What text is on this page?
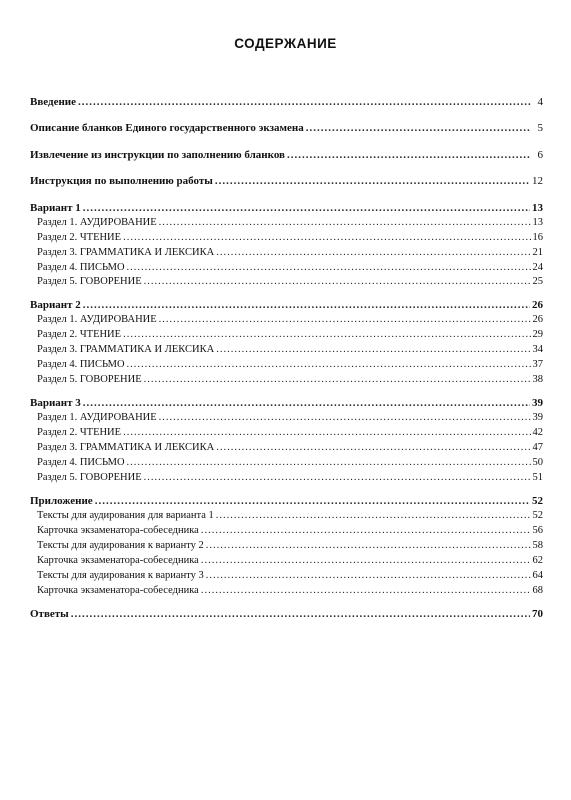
СОДЕРЖАНИЕ
Введение .....	4
Описание бланков Единого государственного экзамена .....	5
Извлечение из инструкции по заполнению бланков .....	6
Инструкция по выполнению работы .....	12
Вариант 1 .....	13
Раздел 1. АУДИРОВАНИЕ .....	13
Раздел 2. ЧТЕНИЕ .....	16
Раздел 3. ГРАММАТИКА И ЛЕКСИКА .....	21
Раздел 4. ПИСЬМО .....	24
Раздел 5. ГОВОРЕНИЕ .....	25
Вариант 2 .....	26
Раздел 1. АУДИРОВАНИЕ .....	26
Раздел 2. ЧТЕНИЕ .....	29
Раздел 3. ГРАММАТИКА И ЛЕКСИКА .....	34
Раздел 4. ПИСЬМО .....	37
Раздел 5. ГОВОРЕНИЕ .....	38
Вариант 3 .....	39
Раздел 1. АУДИРОВАНИЕ .....	39
Раздел 2. ЧТЕНИЕ .....	42
Раздел 3. ГРАММАТИКА И ЛЕКСИКА .....	47
Раздел 4. ПИСЬМО .....	50
Раздел 5. ГОВОРЕНИЕ .....	51
Приложение .....	52
Тексты для аудирования для варианта 1 .....	52
Карточка экзаменатора-собеседника .....	56
Тексты для аудирования к варианту 2 .....	58
Карточка экзаменатора-собеседника .....	62
Тексты для аудирования к варианту 3 .....	64
Карточка экзаменатора-собеседника .....	68
Ответы .....	70
